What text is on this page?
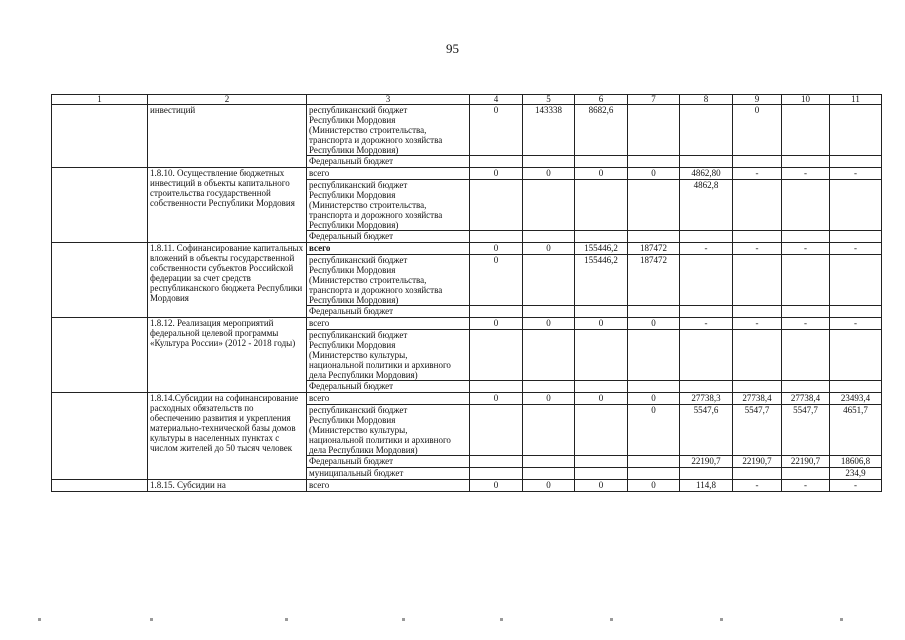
95
1	2	3	4	5	6	7	8	9	10	11
	инвестиций	республиканский бюджет
Республики Мордовия
(Министерство строительства,
транспорта и дорожного хозяйства
Республики Мордовия)	0	143338	8682,6			0		
		Федеральный бюджет								
	1.8.10. Осуществление бюджетных инвестиций в объекты капитального строительства государственной собственности Республики Мордовия	всего	0	0	0	0	4862,80	-	-	-
		республиканский бюджет
Республики Мордовия
(Министерство строительства,
транспорта и дорожного хозяйства
Республики Мордовия)					4862,8			
		Федеральный бюджет								
	1.8.11. Софинансирование капитальных вложений в объекты государственной собственности субъектов Российской федерации за счет средств республиканского бюджета Республики Мордовия	всего	0	0	155446,2	187472	-	-	-	-
		республиканский бюджет
Республики Мордовия
(Министерство строительства,
транспорта и дорожного хозяйства
Республики Мордовия)	0		155446,2	187472				
		Федеральный бюджет								
	1.8.12. Реализация мероприятий федеральной целевой программы «Культура России» (2012 - 2018 годы)	всего	0	0	0	0	-	-	-	-
		республиканский бюджет
Республики Мордовия
(Министерство культуры,
национальной политики и архивного
дела Республики Мордовия)								
		Федеральный бюджет								
	1.8.14.Субсидии на софинансирование расходных обязательств по обеспечению развития и укрепления материально-технической базы домов культуры в населенных пунктах с числом жителей до 50 тысяч человек	всего	0	0	0	0	27738,3	27738,4	27738,4	23493,4
		республиканский бюджет
Республики Мордовия
(Министерство культуры,
национальной политики и архивного
дела Республики Мордовия)				0	5547,6	5547,7	5547,7	4651,7
		Федеральный бюджет					22190,7	22190,7	22190,7	18606,8
		муниципальный бюджет								234,9
	1.8.15. Субсидии на	всего	0	0	0	0	114,8	-	-	-
